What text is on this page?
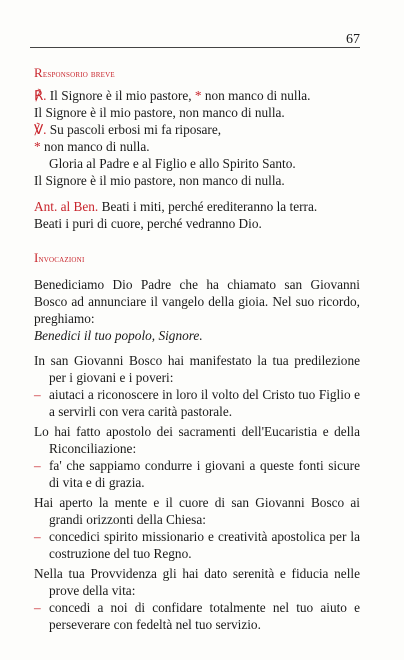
67
Responsorio breve
℟. Il Signore è il mio pastore, * non manco di nulla.
Il Signore è il mio pastore, non manco di nulla.
℣. Su pascoli erbosi mi fa riposare,
* non manco di nulla.
Gloria al Padre e al Figlio e allo Spirito Santo.
Il Signore è il mio pastore, non manco di nulla.
Ant. al Ben. Beati i miti, perché erediteranno la terra.
Beati i puri di cuore, perché vedranno Dio.
Invocazioni

Benediciamo Dio Padre che ha chiamato san Giovanni Bosco ad annunciare il vangelo della gioia. Nel suo ricordo, preghiamo:

Benedici il tuo popolo, Signore.

In san Giovanni Bosco hai manifestato la tua predilezione per i giovani e i poveri:

– aiutaci a riconoscere in loro il volto del Cristo tuo Figlio e a servirli con vera carità pastorale.

Lo hai fatto apostolo dei sacramenti dell'Eucaristia e della Riconciliazione:

– fa' che sappiamo condurre i giovani a queste fonti sicure di vita e di grazia.

Hai aperto la mente e il cuore di san Giovanni Bosco ai grandi orizzonti della Chiesa:

– concedici spirito missionario e creatività apostolica per la costruzione del tuo Regno.

Nella tua Provvidenza gli hai dato serenità e fiducia nelle prove della vita:

– concedi a noi di confidare totalmente nel tuo aiuto e perseverare con fedeltà nel tuo servizio.
